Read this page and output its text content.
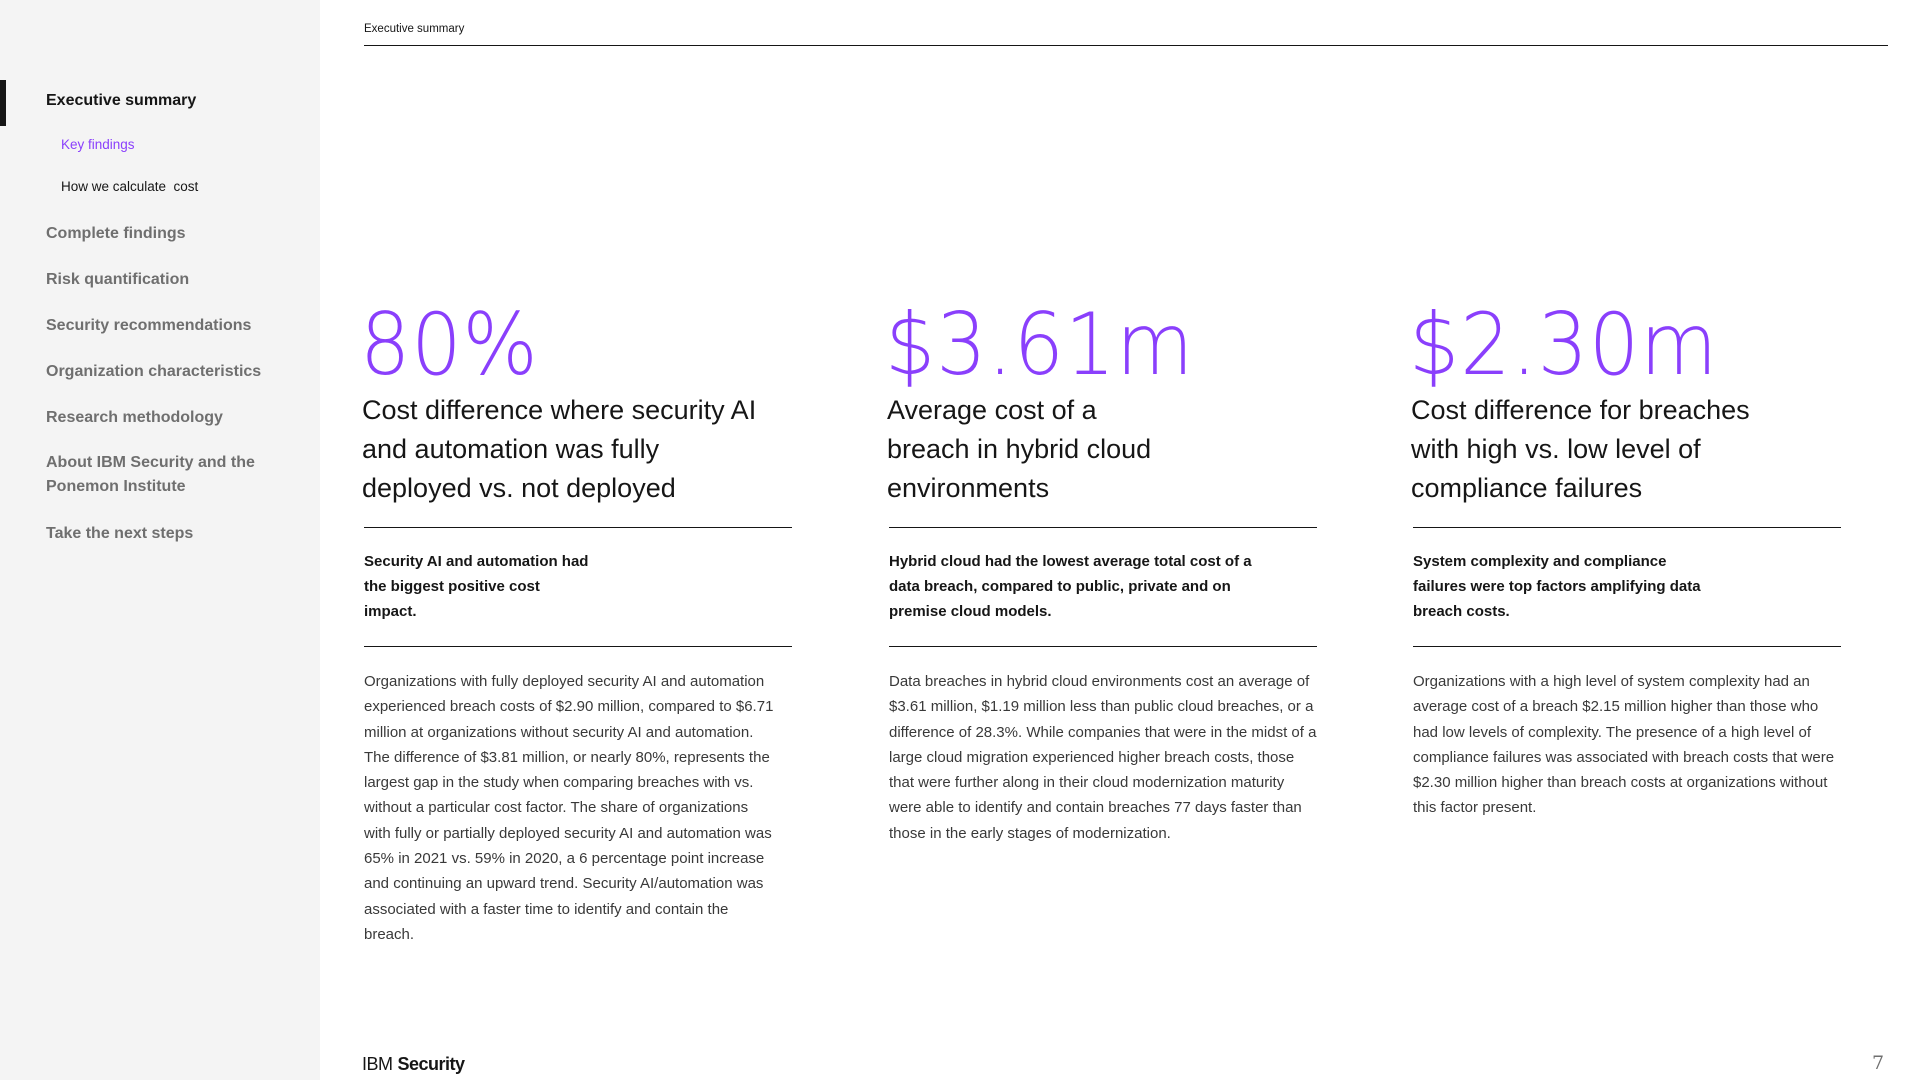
Executive summary
Key findings
How we calculate  cost
Complete findings
Risk quantification
Security recommendations
Organization characteristics
Research methodology
About IBM Security and the Ponemon Institute
Take the next steps
Executive summary
80%
Cost difference where security AI and automation was fully deployed vs. not deployed
Security AI and automation had the biggest positive cost impact.
Organizations with fully deployed security AI and automation experienced breach costs of $2.90 million, compared to $6.71 million at organizations without security AI and automation. The difference of $3.81 million, or nearly 80%, represents the largest gap in the study when comparing breaches with vs. without a particular cost factor. The share of organizations with fully or partially deployed security AI and automation was 65% in 2021 vs. 59% in 2020, a 6 percentage point increase and continuing an upward trend. Security AI/automation was associated with a faster time to identify and contain the breach.
$3.61m
Average cost of a breach in hybrid cloud environments
Hybrid cloud had the lowest average total cost of a data breach, compared to public, private and on premise cloud models.
Data breaches in hybrid cloud environments cost an average of $3.61 million, $1.19 million less than public cloud breaches, or a difference of 28.3%. While companies that were in the midst of a large cloud migration experienced higher breach costs, those that were further along in their cloud modernization maturity were able to identify and contain breaches 77 days faster than those in the early stages of modernization.
$2.30m
Cost difference for breaches with high vs. low level of compliance failures
System complexity and compliance failures were top factors amplifying data breach costs.
Organizations with a high level of system complexity had an average cost of a breach $2.15 million higher than those who had low levels of complexity. The presence of a high level of compliance failures was associated with breach costs that were $2.30 million higher than breach costs at organizations without this factor present.
IBM Security	7
